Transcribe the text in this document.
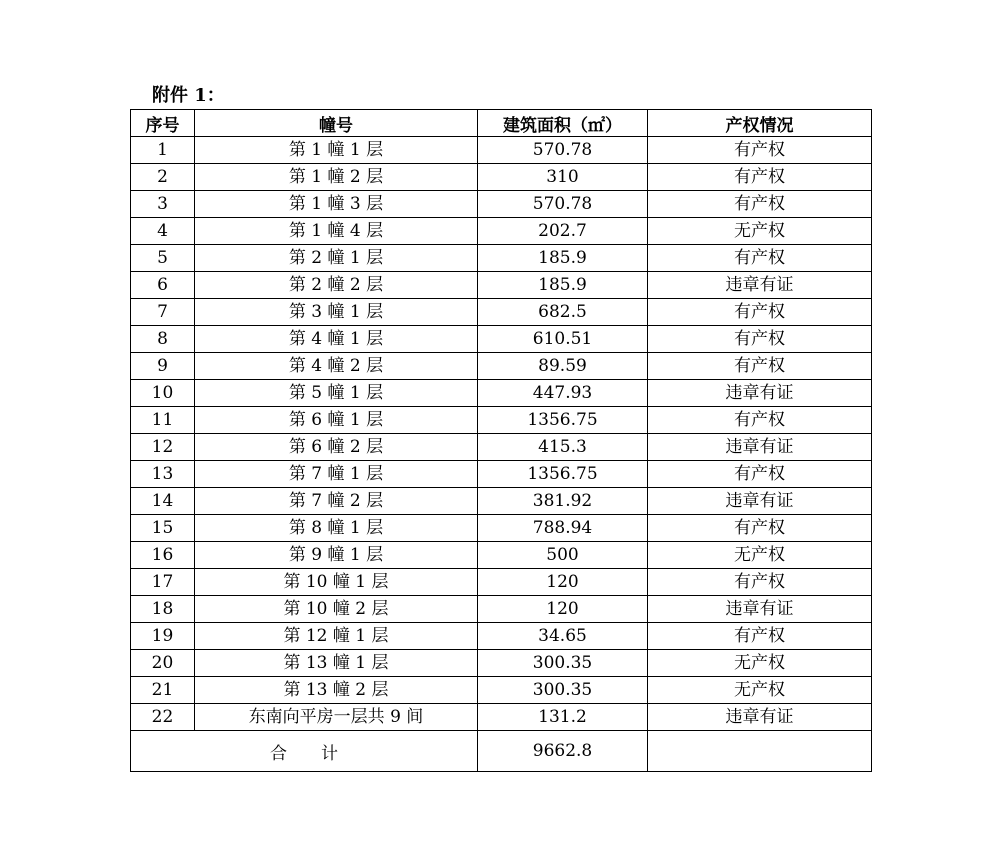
附件 1：
序号	幢号	建筑面积（㎡）	产权情况
1	第 1 幢 1 层	570.78	有产权
2	第 1 幢 2 层	310	有产权
3	第 1 幢 3 层	570.78	有产权
4	第 1 幢 4 层	202.7	无产权
5	第 2 幢 1 层	185.9	有产权
6	第 2 幢 2 层	185.9	违章有证
7	第 3 幢 1 层	682.5	有产权
8	第 4 幢 1 层	610.51	有产权
9	第 4 幢 2 层	89.59	有产权
10	第 5 幢 1 层	447.93	违章有证
11	第 6 幢 1 层	1356.75	有产权
12	第 6 幢 2 层	415.3	违章有证
13	第 7 幢 1 层	1356.75	有产权
14	第 7 幢 2 层	381.92	违章有证
15	第 8 幢 1 层	788.94	有产权
16	第 9 幢 1 层	500	无产权
17	第 10 幢 1 层	120	有产权
18	第 10 幢 2 层	120	违章有证
19	第 12 幢 1 层	34.65	有产权
20	第 13 幢 1 层	300.35	无产权
21	第 13 幢 2 层	300.35	无产权
22	东南向平房一层共 9 间	131.2	违章有证
合　　计		9662.8	
